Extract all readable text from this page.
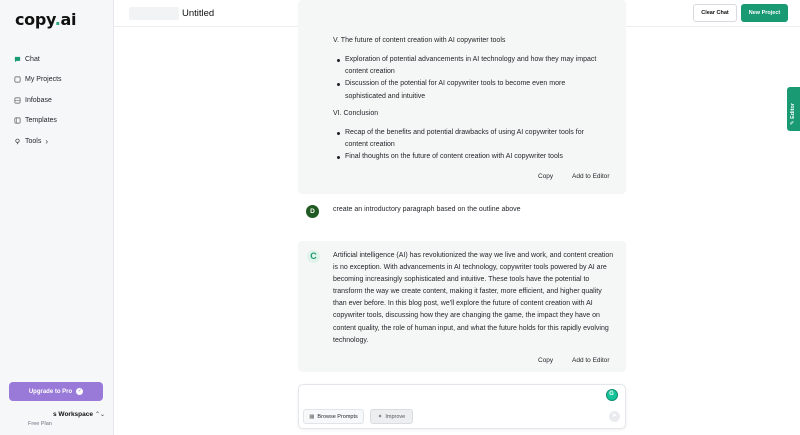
copy.ai
Chat
My Projects
Infobase
Templates
Tools ›
Upgrade to Pro ✓
s Workspace
Free Plan
⌃⌄
Untitled	Clear Chat	New Project
✎ Editor
V. The future of content creation with AI copywriter tools
Exploration of potential advancements in AI technology and how they may impact content creation
Discussion of the potential for AI copywriter tools to become even more sophisticated and intuitive
VI. Conclusion
Recap of the benefits and potential drawbacks of using AI copywriter tools for content creation
Final thoughts on the future of content creation with AI copywriter tools
Copy	Add to Editor
D	create an introductory paragraph based on the outline above
C	Artificial intelligence (AI) has revolutionized the way we live and work, and content creation is no exception. With advancements in AI technology, copywriter tools powered by AI are becoming increasingly sophisticated and intuitive. These tools have the potential to transform the way we create content, making it faster, more efficient, and higher quality than ever before. In this blog post, we'll explore the future of content creation with AI copywriter tools, discussing how they are changing the game, the impact they have on content quality, the role of human input, and what the future holds for this rapidly evolving technology.
Copy	Add to Editor
G
▦ Browse Prompts	✦ Improve	➤
